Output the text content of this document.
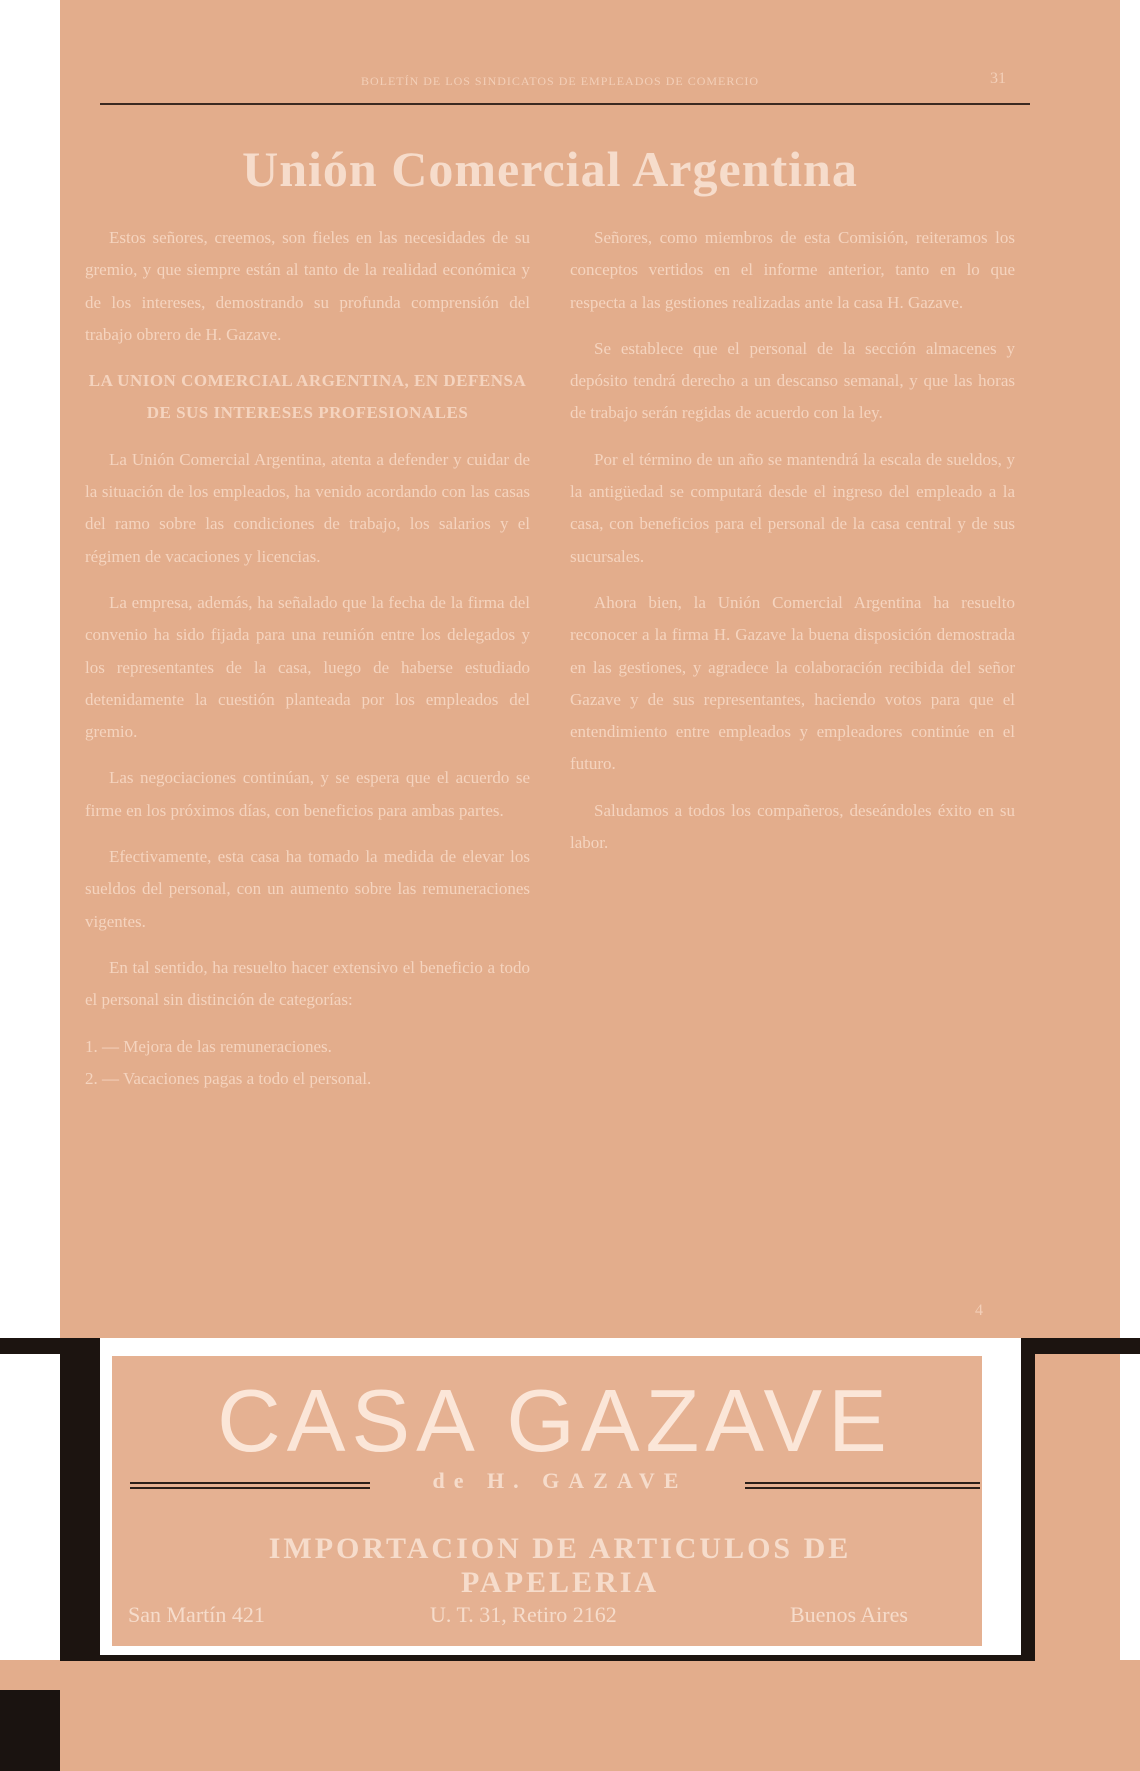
BOLETÍN DE LOS SINDICATOS DE EMPLEADOS DE COMERCIO	31
Unión Comercial Argentina

Estos señores, creemos, son fieles en las necesidades de su gremio, y que siempre están al tanto de la realidad económica y de los intereses, demostrando su profunda comprensión del trabajo obrero de H. Gazave.

LA UNION COMERCIAL ARGENTINA, EN DEFENSA DE SUS INTERESES PROFESIONALES

La Unión Comercial Argentina, atenta a defender y cuidar de la situación de los empleados, ha venido acordando con las casas del ramo sobre las condiciones de trabajo, los salarios y el régimen de vacaciones y licencias.

La empresa, además, ha señalado que la fecha de la firma del convenio ha sido fijada para una reunión entre los delegados y los representantes de la casa, luego de haberse estudiado detenidamente la cuestión planteada por los empleados del gremio.

Las negociaciones continúan, y se espera que el acuerdo se firme en los próximos días, con beneficios para ambas partes.

Efectivamente, esta casa ha tomado la medida de elevar los sueldos del personal, con un aumento sobre las remuneraciones vigentes.

En tal sentido, ha resuelto hacer extensivo el beneficio a todo el personal sin distinción de categorías:

1. — Mejora de las remuneraciones.

2. — Vacaciones pagas a todo el personal.

Señores, como miembros de esta Comisión, reiteramos los conceptos vertidos en el informe anterior, tanto en lo que respecta a las gestiones realizadas ante la casa H. Gazave.

Se establece que el personal de la sección almacenes y depósito tendrá derecho a un descanso semanal, y que las horas de trabajo serán regidas de acuerdo con la ley.

Por el término de un año se mantendrá la escala de sueldos, y la antigüedad se computará desde el ingreso del empleado a la casa, con beneficios para el personal de la casa central y de sus sucursales.

Ahora bien, la Unión Comercial Argentina ha resuelto reconocer a la firma H. Gazave la buena disposición demostrada en las gestiones, y agradece la colaboración recibida del señor Gazave y de sus representantes, haciendo votos para que el entendimiento entre empleados y empleadores continúe en el futuro.

Saludamos a todos los compañeros, deseándoles éxito en su labor.

4
CASA GAZAVE
de H. GAZAVE
IMPORTACION DE ARTICULOS DE PAPELERIA
San Martín 421	U. T. 31, Retiro 2162	Buenos Aires
